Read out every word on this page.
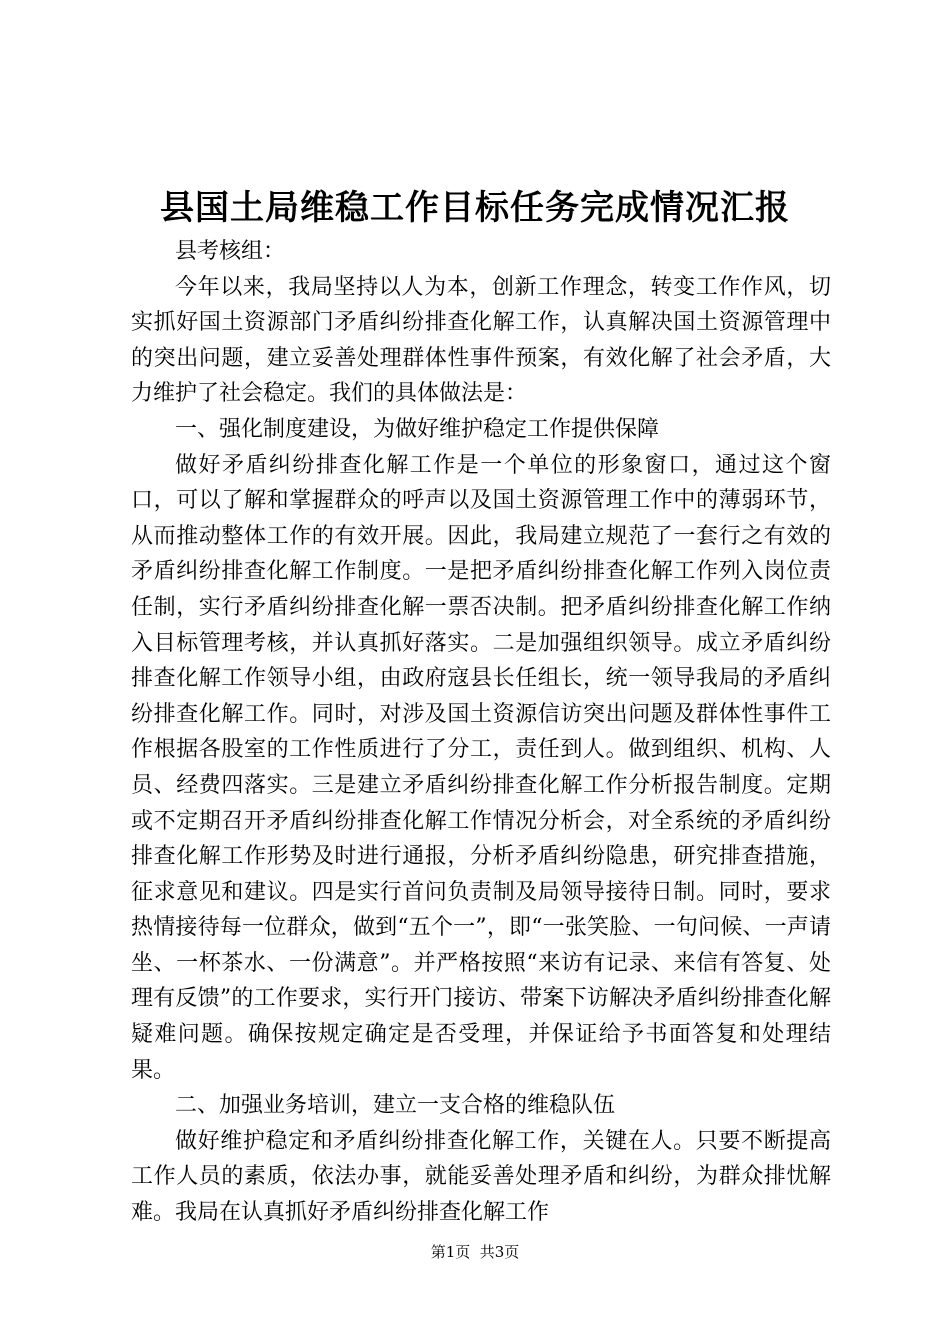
县国土局维稳工作目标任务完成情况汇报

县考核组：

今年以来，我局坚持以人为本，创新工作理念，转变工作作风，切实抓好国土资源部门矛盾纠纷排查化解工作，认真解决国土资源管理中的突出问题，建立妥善处理群体性事件预案，有效化解了社会矛盾，大力维护了社会稳定。我们的具体做法是：

一、强化制度建设，为做好维护稳定工作提供保障

做好矛盾纠纷排查化解工作是一个单位的形象窗口，通过这个窗口，可以了解和掌握群众的呼声以及国土资源管理工作中的薄弱环节，从而推动整体工作的有效开展。因此，我局建立规范了一套行之有效的矛盾纠纷排查化解工作制度。一是把矛盾纠纷排查化解工作列入岗位责任制，实行矛盾纠纷排查化解一票否决制。把矛盾纠纷排查化解工作纳入目标管理考核，并认真抓好落实。二是加强组织领导。成立矛盾纠纷排查化解工作领导小组，由政府寇县长任组长，统一领导我局的矛盾纠纷排查化解工作。同时，对涉及国土资源信访突出问题及群体性事件工作根据各股室的工作性质进行了分工，责任到人。做到组织、机构、人员、经费四落实。三是建立矛盾纠纷排查化解工作分析报告制度。定期或不定期召开矛盾纠纷排查化解工作情况分析会，对全系统的矛盾纠纷排查化解工作形势及时进行通报，分析矛盾纠纷隐患，研究排查措施，征求意见和建议。四是实行首问负责制及局领导接待日制。同时，要求热情接待每一位群众，做到“五个一”，即“一张笑脸、一句问候、一声请坐、一杯茶水、一份满意”。并严格按照“来访有记录、来信有答复、处理有反馈”的工作要求，实行开门接访、带案下访解决矛盾纠纷排查化解疑难问题。确保按规定确定是否受理，并保证给予书面答复和处理结果。

二、加强业务培训，建立一支合格的维稳队伍

做好维护稳定和矛盾纠纷排查化解工作，关键在人。只要不断提高工作人员的素质，依法办事，就能妥善处理矛盾和纠纷，为群众排忧解难。我局在认真抓好矛盾纠纷排查化解工作

第1页  共3页
